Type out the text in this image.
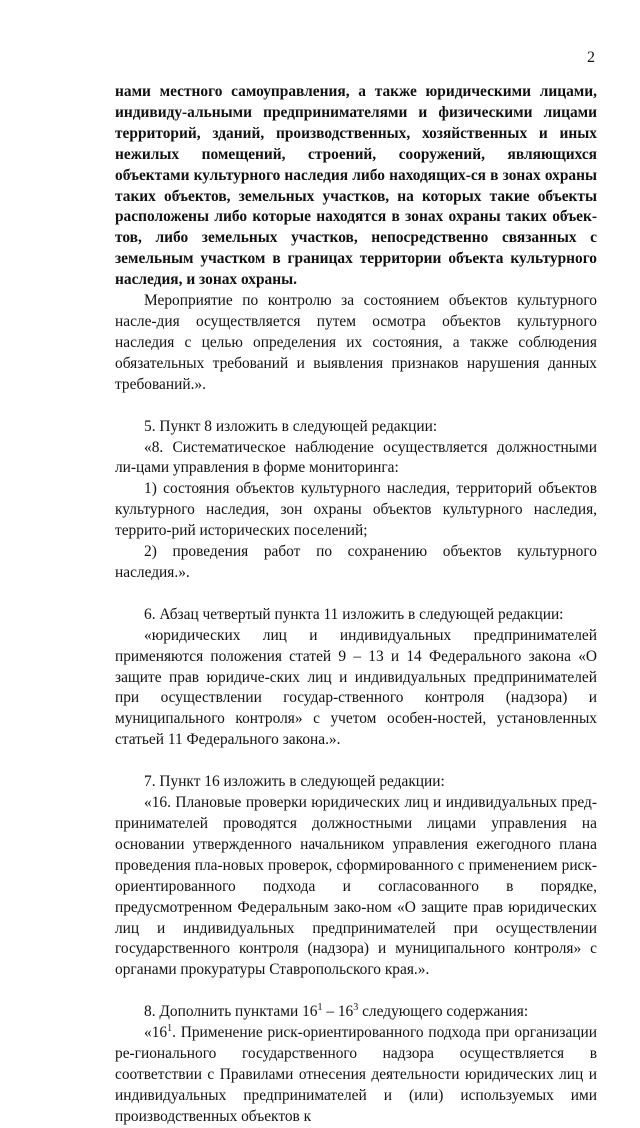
2

нами местного самоуправления, а также юридическими лицами, индивиду-альными предпринимателями и физическими лицами территорий, зданий, производственных, хозяйственных и иных нежилых помещений, строений, сооружений, являющихся объектами культурного наследия либо находящих-ся в зонах охраны таких объектов, земельных участков, на которых такие объекты расположены либо которые находятся в зонах охраны таких объек-тов, либо земельных участков, непосредственно связанных с земельным участком в границах территории объекта культурного наследия, и зонах охраны.

Мероприятие по контролю за состоянием объектов культурного насле-дия осуществляется путем осмотра объектов культурного наследия с целью определения их состояния, а также соблюдения обязательных требований и выявления признаков нарушения данных требований.».

5. Пункт 8 изложить в следующей редакции:

«8. Систематическое наблюдение осуществляется должностными ли-цами управления в форме мониторинга:

1) состояния объектов культурного наследия, территорий объектов культурного наследия, зон охраны объектов культурного наследия, террито-рий исторических поселений;

2) проведения работ по сохранению объектов культурного наследия.».

6. Абзац четвертый пункта 11 изложить в следующей редакции:

«юридических лиц и индивидуальных предпринимателей применяются положения статей 9 – 13 и 14 Федерального закона «О защите прав юридиче-ских лиц и индивидуальных предпринимателей при осуществлении государ-ственного контроля (надзора) и муниципального контроля» с учетом особен-ностей, установленных статьей 11 Федерального закона.».

7. Пункт 16 изложить в следующей редакции:

«16. Плановые проверки юридических лиц и индивидуальных пред-принимателей проводятся должностными лицами управления на основании утвержденного начальником управления ежегодного плана проведения пла-новых проверок, сформированного с применением риск-ориентированного подхода и согласованного в порядке, предусмотренном Федеральным зако-ном «О защите прав юридических лиц и индивидуальных предпринимателей при осуществлении государственного контроля (надзора) и муниципального контроля» с органами прокуратуры Ставропольского края.».

8. Дополнить пунктами $16^1 - 16^3$ следующего содержания:

«$16^1$. Применение риск-ориентированного подхода при организации ре-гионального государственного надзора осуществляется в соответствии с Правилами отнесения деятельности юридических лиц и индивидуальных предпринимателей и (или) используемых ими производственных объектов к
